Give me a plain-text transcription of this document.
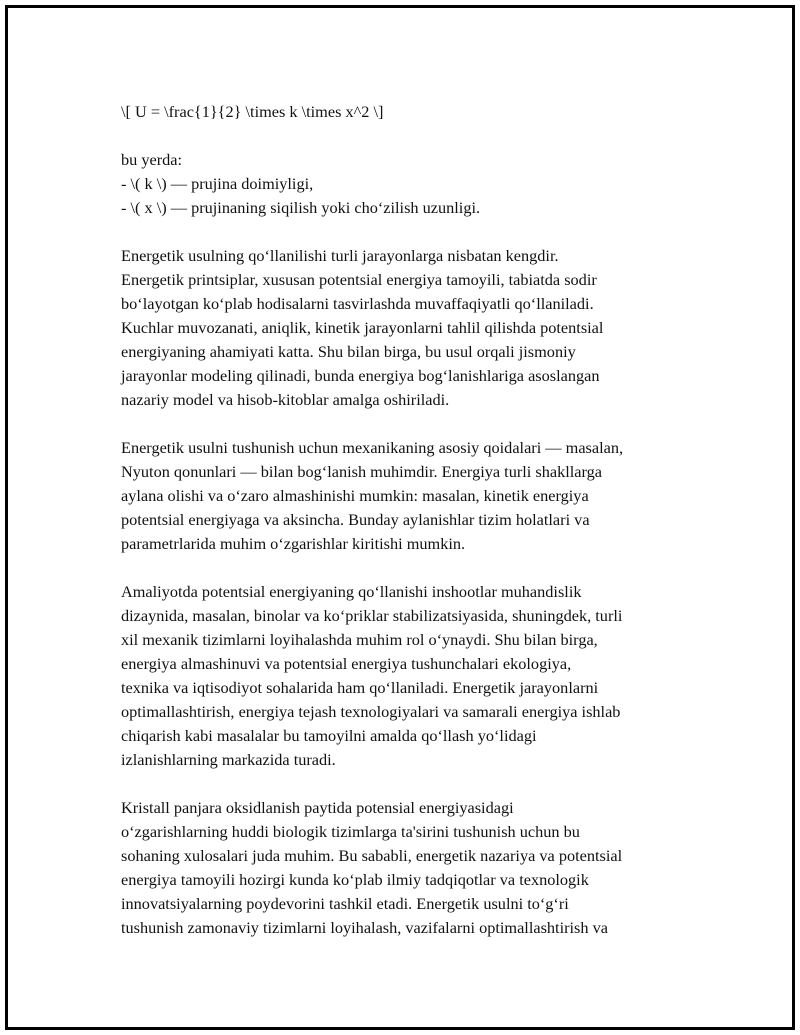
\[ U = \frac{1}{2} \times k \times x^2 \]
bu yerda:
- \( k \) — prujina doimiyligi,
- \( x \) — prujinaning siqilish yoki cho‘zilish uzunligi.
Energetik usulning qo‘llanilishi turli jarayonlarga nisbatan kengdir.
Energetik printsiplar, xususan potentsial energiya tamoyili, tabiatda sodir
bo‘layotgan ko‘plab hodisalarni tasvirlashda muvaffaqiyatli qo‘llaniladi.
Kuchlar muvozanati, aniqlik, kinetik jarayonlarni tahlil qilishda potentsial
energiyaning ahamiyati katta. Shu bilan birga, bu usul orqali jismoniy
jarayonlar modeling qilinadi, bunda energiya bog‘lanishlariga asoslangan
nazariy model va hisob-kitoblar amalga oshiriladi.
Energetik usulni tushunish uchun mexanikaning asosiy qoidalari — masalan,
Nyuton qonunlari — bilan bog‘lanish muhimdir. Energiya turli shakllarga
aylana olishi va o‘zaro almashinishi mumkin: masalan, kinetik energiya
potentsial energiyaga va aksincha. Bunday aylanishlar tizim holatlari va
parametrlarida muhim o‘zgarishlar kiritishi mumkin.
Amaliyotda potentsial energiyaning qo‘llanishi inshootlar muhandislik
dizaynida, masalan, binolar va ko‘priklar stabilizatsiyasida, shuningdek, turli
xil mexanik tizimlarni loyihalashda muhim rol o‘ynaydi. Shu bilan birga,
energiya almashinuvi va potentsial energiya tushunchalari ekologiya,
texnika va iqtisodiyot sohalarida ham qo‘llaniladi. Energetik jarayonlarni
optimallashtirish, energiya tejash texnologiyalari va samarali energiya ishlab
chiqarish kabi masalalar bu tamoyilni amalda qo‘llash yo‘lidagi
izlanishlarning markazida turadi.
Kristall panjara oksidlanish paytida potensial energiyasidagi
o‘zgarishlarning huddi biologik tizimlarga ta'sirini tushunish uchun bu
sohaning xulosalari juda muhim. Bu sababli, energetik nazariya va potentsial
energiya tamoyili hozirgi kunda ko‘plab ilmiy tadqiqotlar va texnologik
innovatsiyalarning poydevorini tashkil etadi. Energetik usulni to‘g‘ri
tushunish zamonaviy tizimlarni loyihalash, vazifalarni optimallashtirish va
